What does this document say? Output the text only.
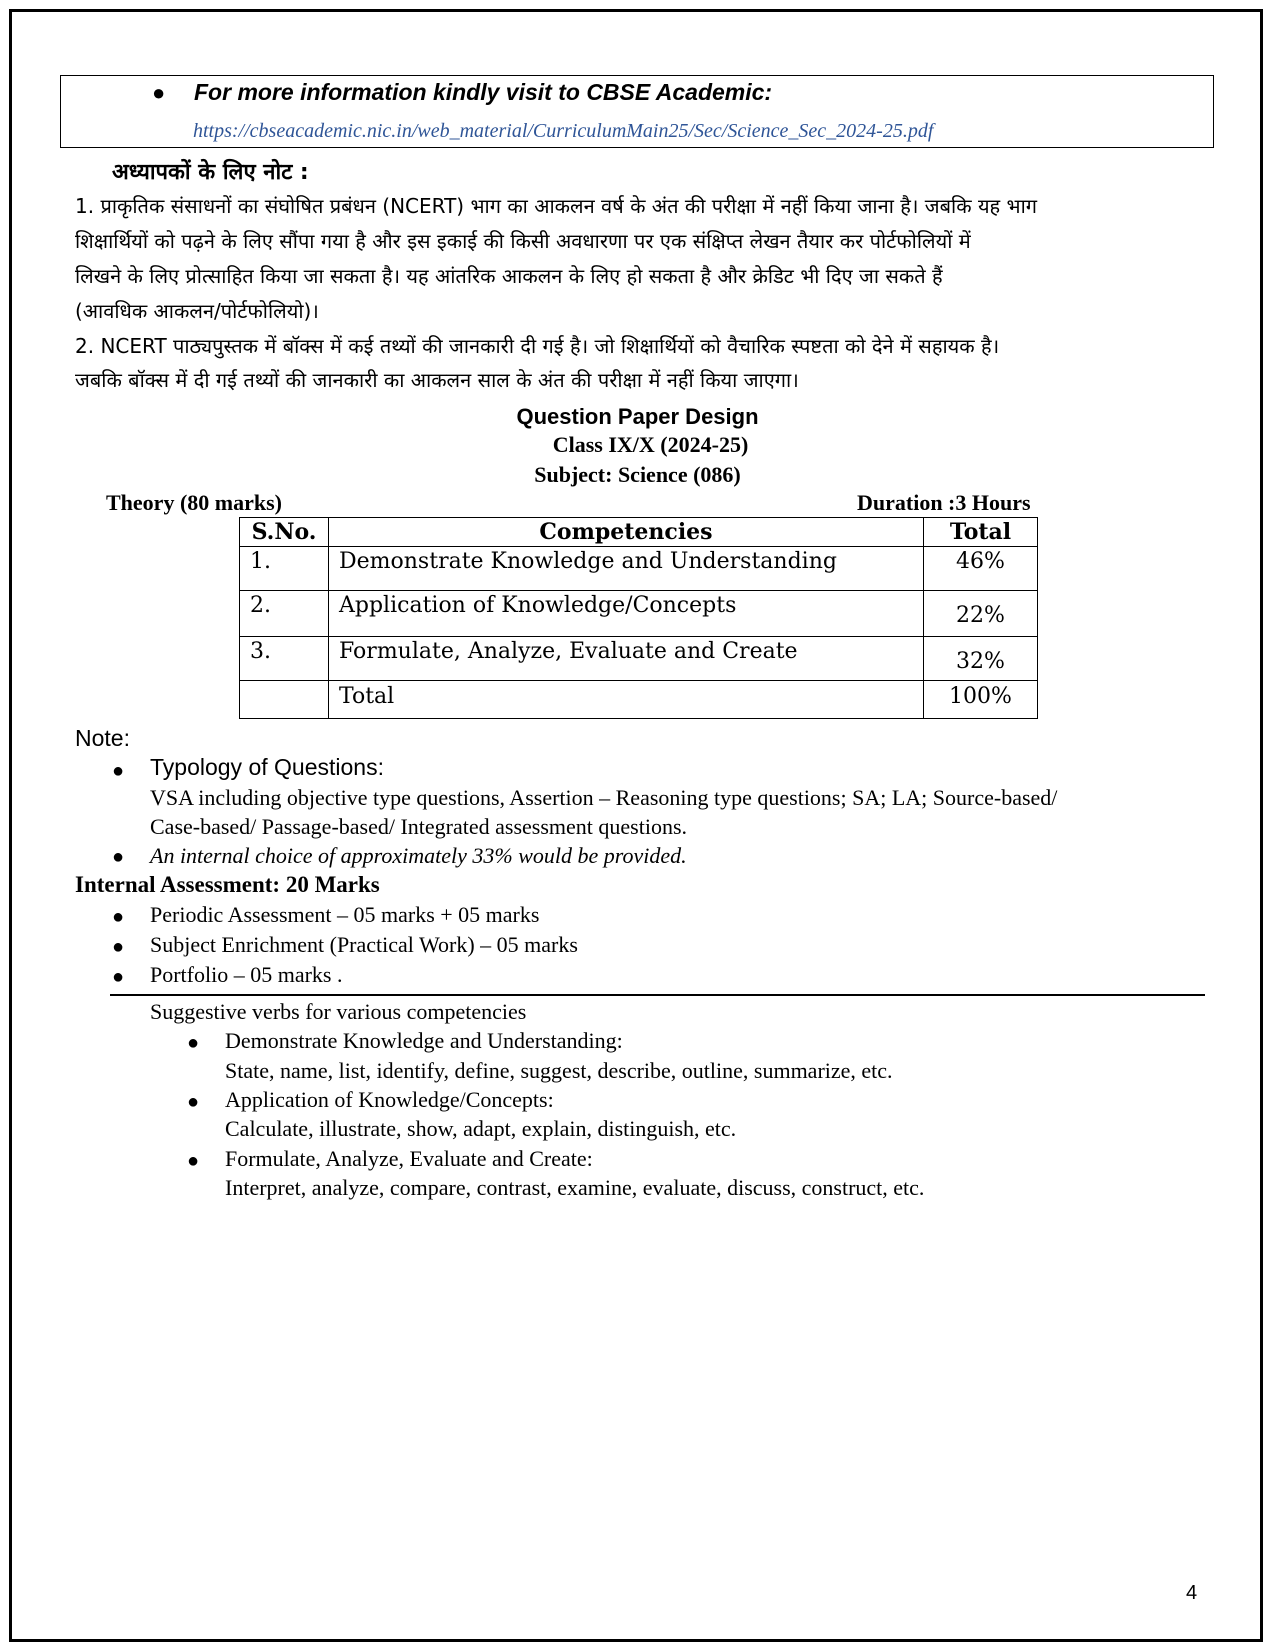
● For more information kindly visit to CBSE Academic:
https://cbseacademic.nic.in/web_material/CurriculumMain25/Sec/Science_Sec_2024-25.pdf
अध्यापकों के लिए नोट :
1. प्राकृतिक संसाधनों का संघोषित प्रबंधन (NCERT) भाग का आकलन वर्ष के अंत की परीक्षा में नहीं किया जाना है। जबकि यह भाग
शिक्षार्थियों को पढ़ने के लिए सौंपा गया है और इस इकाई की किसी अवधारणा पर एक संक्षिप्त लेखन तैयार कर पोर्टफोलियों में
लिखने के लिए प्रोत्साहित किया जा सकता है। यह आंतरिक आकलन के लिए हो सकता है और क्रेडिट भी दिए जा सकते हैं
(आवधिक आकलन/पोर्टफोलियो)।
2. NCERT पाठ्यपुस्तक में बॉक्स में कई तथ्यों की जानकारी दी गई है। जो शिक्षार्थियों को वैचारिक स्पष्टता को देने में सहायक है।
जबकि बॉक्स में दी गई तथ्यों की जानकारी का आकलन साल के अंत की परीक्षा में नहीं किया जाएगा।
Question Paper Design
Class IX/X (2024-25)
Subject: Science (086)
Theory (80 marks)	Duration :3 Hours
S.No.	Competencies	Total
1.	Demonstrate Knowledge and Understanding	46%
2.	Application of Knowledge/Concepts	22%
3.	Formulate, Analyze, Evaluate and Create	32%
	Total	100%
Note:
● Typology of Questions:
VSA including objective type questions, Assertion – Reasoning type questions; SA; LA; Source-based/
Case-based/ Passage-based/ Integrated assessment questions.
● An internal choice of approximately 33% would be provided.
Internal Assessment: 20 Marks
● Periodic Assessment – 05 marks + 05 marks
● Subject Enrichment (Practical Work) – 05 marks
● Portfolio – 05 marks .
Suggestive verbs for various competencies
● Demonstrate Knowledge and Understanding:
State, name, list, identify, define, suggest, describe, outline, summarize, etc.
● Application of Knowledge/Concepts:
Calculate, illustrate, show, adapt, explain, distinguish, etc.
● Formulate, Analyze, Evaluate and Create:
Interpret, analyze, compare, contrast, examine, evaluate, discuss, construct, etc.
4
